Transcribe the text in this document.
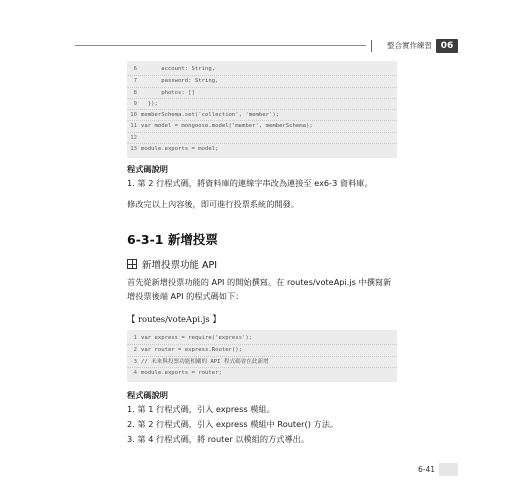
整合實作練習 06
6 account: String,
7 password: String,
8 photos: []
9 });
10 memberSchema.set('collection', 'member');
11 var model = mongoose.model('member', memberSchema);
12
13 module.exports = model;
程式碼說明
1. 第 2 行程式碼，將資料庫的連線字串改為連接至 ex6-3 資料庫。
修改完以上內容後，即可進行投票系統的開發。
6-3-1 新增投票
新增投票功能 API
首先從新增投票功能的 API 的開始撰寫。在 routes/voteApi.js 中撰寫新
增投票後端 API 的程式碼如下：
【 routes/voteApi.js 】
1 var express = require('express');
2 var router = express.Router();
3 // 未來與投票功能相關的 API 程式碼會在此新增
4 module.exports = router;
程式碼說明
1. 第 1 行程式碼，引入 express 模組。
2. 第 2 行程式碼，引入 express 模組中 Router() 方法。
3. 第 4 行程式碼，將 router 以模組的方式導出。
6-41
